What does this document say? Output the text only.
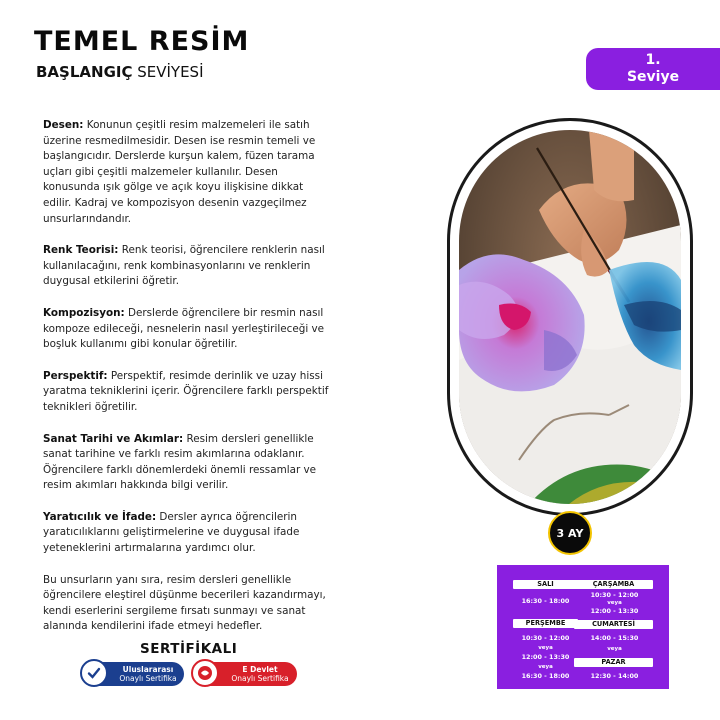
TEMEL RESİM
BAŞLANGIÇ SEVİYESİ
1.
Seviye

Desen: Konunun çeşitli resim malzemeleri ile satıh üzerine resmedilmesidir. Desen ise resmin temeli ve başlangıcıdır. Derslerde kurşun kalem, füzen tarama uçları gibi çeşitli malzemeler kullanılır. Desen konusunda ışık gölge ve açık koyu ilişkisine dikkat edilir. Kadraj ve kompozisyon desenin vazgeçilmez unsurlarındandır.

Renk Teorisi: Renk teorisi, öğrencilere renklerin nasıl kullanılacağını, renk kombinasyonlarını ve renklerin duygusal etkilerini öğretir.

Kompozisyon: Derslerde öğrencilere bir resmin nasıl kompoze edileceği, nesnelerin nasıl yerleştirileceği ve boşluk kullanımı gibi konular öğretilir.

Perspektif: Perspektif, resimde derinlik ve uzay hissi yaratma tekniklerini içerir. Öğrencilere farklı perspektif teknikleri öğretilir.

Sanat Tarihi ve Akımlar: Resim dersleri genellikle sanat tarihine ve farklı resim akımlarına odaklanır. Öğrencilere farklı dönemlerdeki önemli ressamlar ve resim akımları hakkında bilgi verilir.

Yaratıcılık ve İfade: Dersler ayrıca öğrencilerin yaratıcılıklarını geliştirmelerine ve duygusal ifade yeteneklerini artırmalarına yardımcı olur.

Bu unsurların yanı sıra, resim dersleri genellikle öğrencilere eleştirel düşünme becerileri kazandırmayı, kendi eserlerini sergileme fırsatı sunmayı ve sanat alanında kendilerini ifade etmeyi hedefler.

3 AY
SALI
16:30 - 18:00
PERŞEMBE
10:30 - 12:00
veya
12:00 - 13:30
veya
16:30 - 18:00
ÇARŞAMBA
10:30 - 12:00
veya
12:00 - 13:30
CUMARTESİ
14:00 - 15:30
veya
PAZAR
12:30 - 14:00
SERTİFİKALI
Uluslararası
Onaylı Sertifika
E Devlet
Onaylı Sertifika
